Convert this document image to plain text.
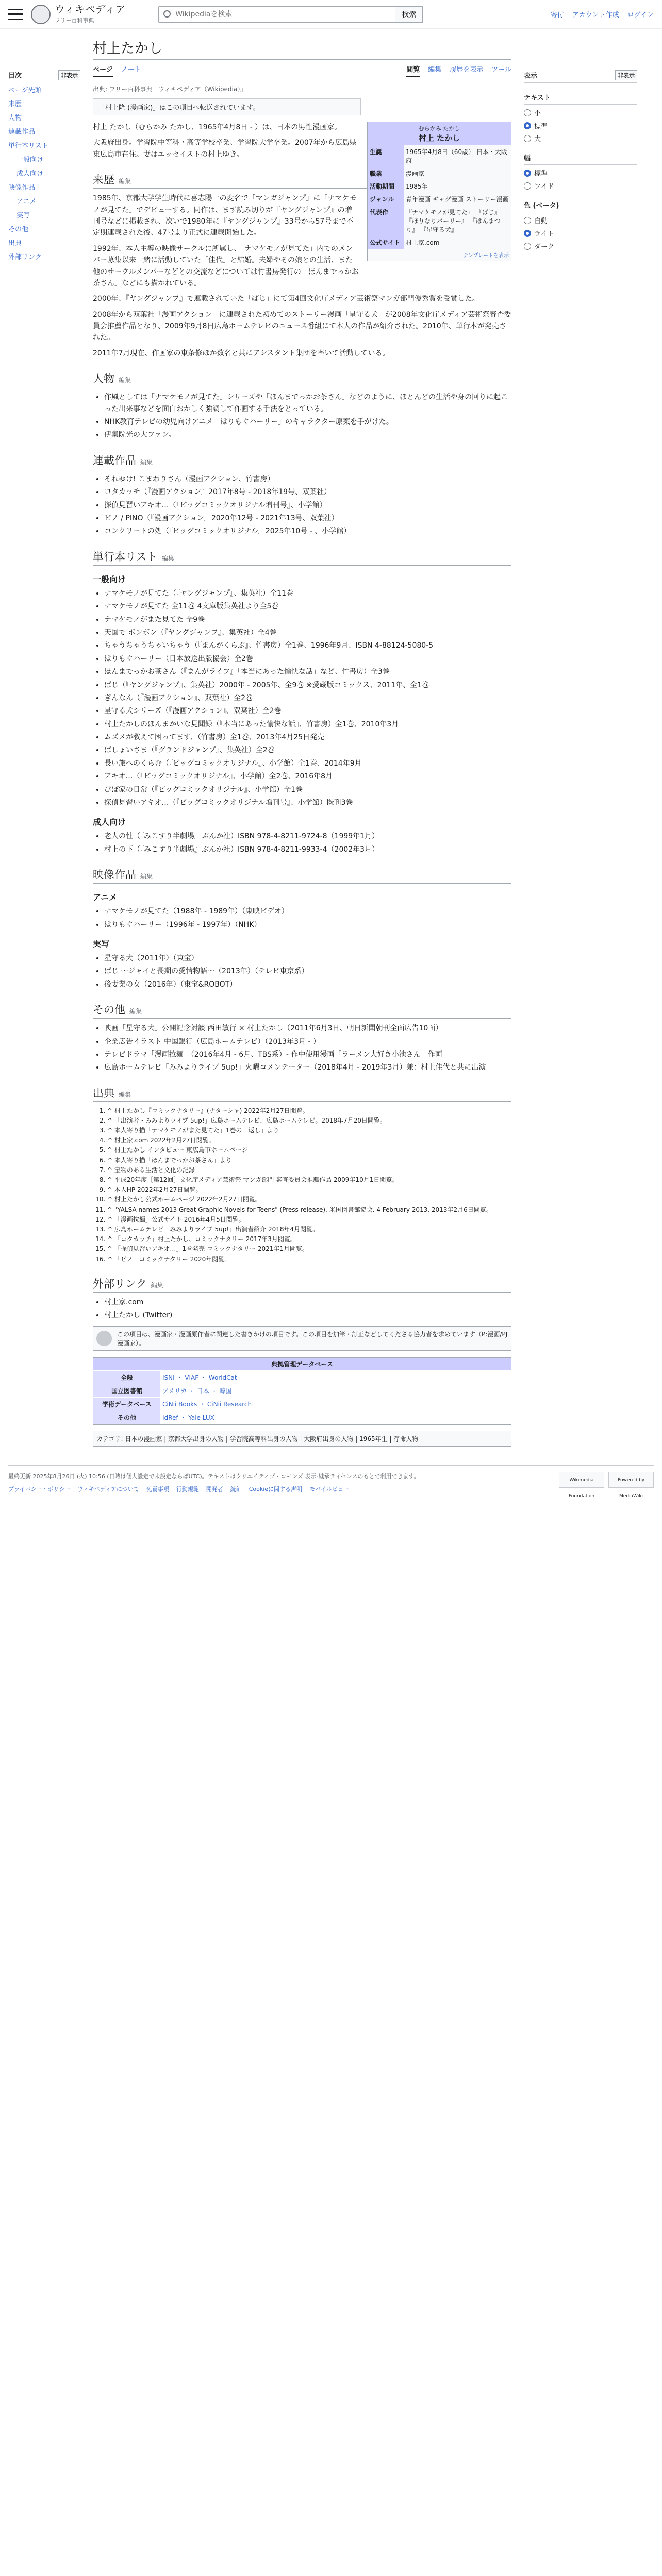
ウィキペディア
フリー百科事典
Wikipediaを検索
検索	寄付 アカウント作成 ログイン
目次	非表示
ページ先頭
来歴
人物
連載作品
単行本リスト
一般向け
成人向け
映像作品
アニメ
実写
その他
出典
外部リンク
村上たかし
ページ ノート	閲覧 編集 履歴を表示 ツール
出典: フリー百科事典『ウィキペディア（Wikipedia）』
「村上隆 (漫画家)」はこの項目へ転送されています。
むらかみ たかし
村上 たかし
生誕	1965年4月8日（60歳） 日本・大阪府
職業	漫画家
活動期間	1985年 -
ジャンル	青年漫画 ギャグ漫画 ストーリー漫画
代表作	『ナマケモノが見てた』 『ぱじ』 『ほりなりバーリー』 『ぱんまつり』 『星守る犬』
公式サイト	村上家.com
テンプレートを表示

村上 たかし（むらかみ たかし、1965年4月8日 - ）は、日本の男性漫画家。

大阪府出身。学習院中等科・高等学校卒業、学習院大学卒業。2007年から広島県東広島市在住。妻はエッセイストの村上ゆき。

来歴 編集

1985年、京都大学学生時代に喜志陽一の変名で「マンガジャンプ」に「ナマケモノが見てた」でデビューする。同作は、まず読み切りが『ヤングジャンプ』の増刊号などに掲載され、次いで1980年に『ヤングジャンプ』33号から57号まで不定期連載された後、47号より正式に連載開始した。

1992年、本人主導の映像サークルに所属し、「ナマケモノが見てた」内でのメンバー募集以来一緒に活動していた「佳代」と結婚。夫婦やその娘との生活、また他のサークルメンバーなどとの交流などについては竹書房発行の「ほんまでっかお茶さん」などにも描かれている。

2000年、『ヤングジャンプ』で連載されていた「ぱじ」にて第4回文化庁メディア芸術祭マンガ部門優秀賞を受賞した。

2008年から双葉社「漫画アクション」に連載された初めてのストーリー漫画「星守る犬」が2008年文化庁メディア芸術祭審査委員会推薦作品となり、2009年9月8日広島ホームテレビのニュース番組にて本人の作品が紹介された。2010年、単行本が発売された。

2011年7月現在、作画家の東条修ほか数名と共にアシスタント集団を率いて活動している。

人物 編集
• 作風としては「ナマケモノが見てた」シリーズや「ほんまでっかお茶さん」などのように、ほとんどの生活や身の回りに起こった出来事などを面白おかしく強調して作画する手法をとっている。
• NHK教育テレビの幼児向けアニメ「はりもぐハーリー」のキャラクター原案を手がけた。
• 伊集院光の大ファン。
連載作品 編集
• それゆけ! こまわりさん（漫画アクション、竹書房）
• コタカッチ（『漫画アクション』2017年8号 - 2018年19号、双葉社）
• 探偵見習いアキオ…（『ビッグコミックオリジナル増刊号』、小学館）
• ピノ / PINO（『漫画アクション』2020年12号 - 2021年13号、双葉社）
• コンクリートの処（『ビッグコミックオリジナル』2025年10号 - 、小学館）
単行本リスト 編集
一般向け
• ナマケモノが見てた（『ヤングジャンプ』、集英社）全11巻
• ナマケモノが見てた 全11巻 4文庫版集英社より全5巻
• ナマケモノがまた見てた 全9巻
• 天国で ボンボン（『ヤングジャンプ』、集英社）全4巻
• ちゃうちゃうちゃいちゃう（『まんがくらぶ』、竹書房）全1巻、1996年9月、ISBN 4-88124-5080-5
• はりもぐハーリー（日本放送出版協会）全2巻
• ほんまでっかお茶さん（『まんがライフ』「本当にあった愉快な話」など、竹書房）全3巻
• ぱじ（『ヤングジャンプ』、集英社）2000年 - 2005年、全9巻 ※愛蔵版コミックス、2011年、全1巻
• ぎんなん（『漫画アクション』、双葉社）全2巻
• 星守る犬シリーズ（『漫画アクション』、双葉社）全2巻
• 村上たかしのほんまかいな見聞録（『本当にあった愉快な話』、竹書房）全1巻、2010年3月
• ムズメが教えて困ってます、（竹書房）全1巻、2013年4月25日発売
• ぱしょいさま（『グランドジャンプ』、集英社）全2巻
• 長い旅へのくらむ（『ビッグコミックオリジナル』、小学館）全1巻、2014年9月
• アキオ…（『ビッグコミックオリジナル』、小学館）全2巻、2016年8月
• ぴぽ家の日常（『ビッグコミックオリジナル』、小学館）全1巻
• 探偵見習いアキオ…（『ビッグコミックオリジナル増刊号』、小学館）既刊3巻
成人向け
• 老人の性（『みこすり半劇場』ぶんか社）ISBN 978-4-8211-9724-8（1999年1月）
• 村上の下（『みこすり半劇場』ぶんか社）ISBN 978-4-8211-9933-4（2002年3月）
映像作品 編集
アニメ
• ナマケモノが見てた（1988年 - 1989年）（東映ビデオ）
• はりもぐハーリー（1996年 - 1997年）（NHK）
実写
• 星守る犬（2011年）（東宝）
• ぱじ ～ジャイと長期の愛情物語～（2013年）（テレビ東京系）
• 後妻業の女（2016年）（東宝&ROBOT）
その他 編集
• 映画「星守る犬」公開記念対談 西田敏行 × 村上たかし（2011年6月3日、朝日新聞朝刊全面広告10面）
• 企業広告イラスト 中国銀行（広島ホームテレビ）（2013年3月 - ）
• テレビドラマ「漫画拉麺」（2016年4月 - 6月、TBS系）- 作中使用漫画「ラーメン大好き小池さん」作画
• 広島ホームテレビ「みみよりライブ 5up!」火曜コメンテーター（2018年4月 - 2019年3月）兼：村上佳代と共に出演
出典 編集
1. ^ 村上たかし『コミックナタリー』(ナターシャ) 2022年2月27日閲覧。
2. ^ 「出演者・みみよりライブ 5up!」広島ホームテレビ、広島ホームテレビ。2018年7月20日閲覧。
3. ^ 本人寄り描「ナマケモノがまた見てた」1巻の「返し」より
4. ^ 村上家.com 2022年2月27日閲覧。
5. ^ 村上たかし インタビュー 東広島市ホームページ
6. ^ 本人寄り描「ほんまでっかお茶さん」より
7. ^ 宝物のある生活と文化の記録
8. ^ 平成20年度［第12回］文化庁メディア芸術祭 マンガ部門 審査委員会推薦作品 2009年10月1日閲覧。
9. ^ 本人HP 2022年2月27日閲覧。
10. ^ 村上たかし公式ホームページ 2022年2月27日閲覧。
11. ^ "YALSA names 2013 Great Graphic Novels for Teens" (Press release). 米国図書館協会. 4 February 2013. 2013年2月6日閲覧。
12. ^ 「漫画拉麺」公式サイト 2016年4月5日閲覧。
13. ^ 広島ホームテレビ「みみよりライブ 5up!」出演者紹介 2018年4月閲覧。
14. ^ 「コタカッチ」村上たかし、コミックナタリー 2017年3月閲覧。
15. ^ 「探偵見習いアキオ…」1巻発売 コミックナタリー 2021年1月閲覧。
16. ^ 「ピノ」コミックナタリー 2020年閲覧。
外部リンク 編集
• 村上家.com
• 村上たかし (Twitter)
この項目は、漫画家・漫画原作者に関連した書きかけの項目です。この項目を加筆・訂正などしてくださる協力者を求めています（P:漫画/PJ漫画家）。
典拠管理データベース
全般	ISNI ・ VIAF ・ WorldCat
国立図書館	アメリカ ・ 日本 ・ 韓国
学術データベース	CiNii Books ・ CiNii Research
その他	IdRef ・ Yale LUX
カテゴリ: 日本の漫画家 | 京都大学出身の人物 | 学習院高等科出身の人物 | 大阪府出身の人物 | 1965年生 | 存命人物
表示	非表示
テキスト
小
標準
大
幅
標準
ワイド
色 (ベータ)
自動
ライト
ダーク
Wikimedia Foundation
Powered by MediaWiki
最終更新 2025年8月26日 (火) 10:56 (日時は個人設定で未設定ならばUTC)。テキストはクリエイティブ・コモンズ 表示-継承ライセンスのもとで利用できます。
プライバシー・ポリシー ウィキペディアについて 免責事項 行動規範 開発者 統計 Cookieに関する声明 モバイルビュー
